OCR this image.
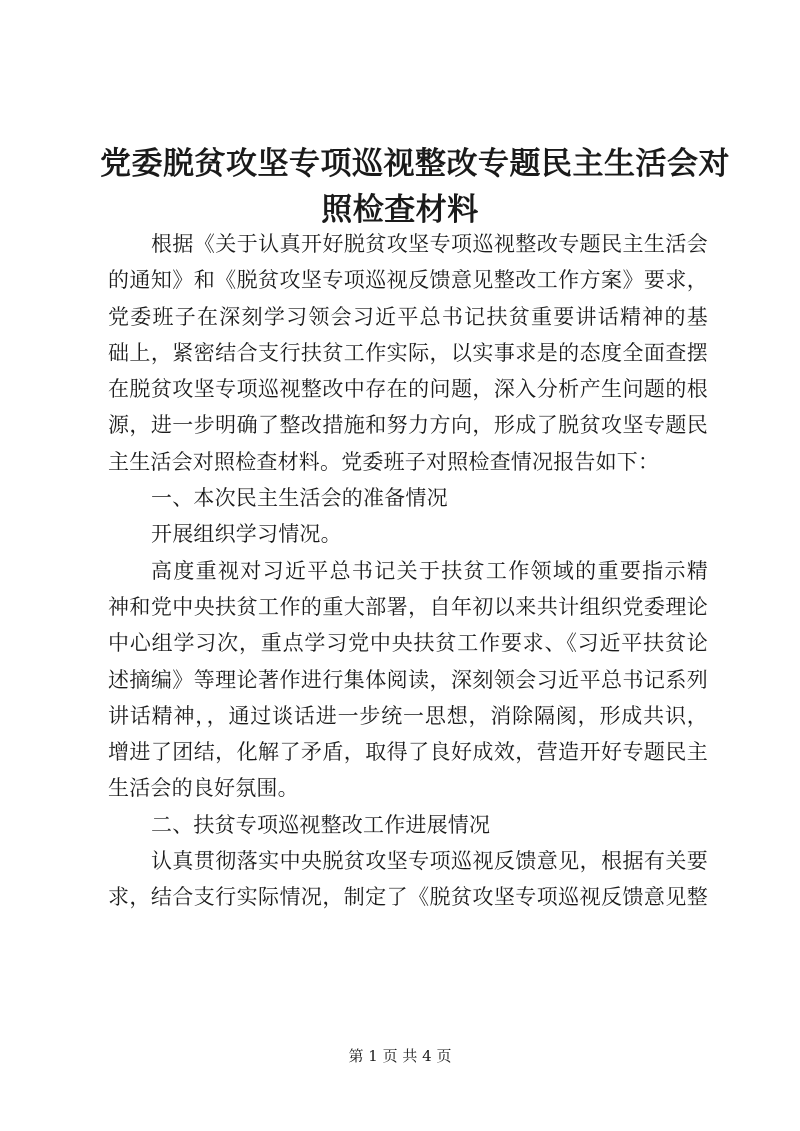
党委脱贫攻坚专项巡视整改专题民主生活会对
照检查材料
根据《关于认真开好脱贫攻坚专项巡视整改专题民主生活会
的通知》和《脱贫攻坚专项巡视反馈意见整改工作方案》要求，
党委班子在深刻学习领会习近平总书记扶贫重要讲话精神的基
础上，紧密结合支行扶贫工作实际，以实事求是的态度全面查摆
在脱贫攻坚专项巡视整改中存在的问题，深入分析产生问题的根
源，进一步明确了整改措施和努力方向，形成了脱贫攻坚专题民
主生活会对照检查材料。党委班子对照检查情况报告如下：
一、本次民主生活会的准备情况
开展组织学习情况。
高度重视对习近平总书记关于扶贫工作领域的重要指示精
神和党中央扶贫工作的重大部署，自年初以来共计组织党委理论
中心组学习次，重点学习党中央扶贫工作要求、《习近平扶贫论
述摘编》等理论著作进行集体阅读，深刻领会习近平总书记系列
讲话精神，，通过谈话进一步统一思想，消除隔阂，形成共识，
增进了团结，化解了矛盾，取得了良好成效，营造开好专题民主
生活会的良好氛围。
二、扶贫专项巡视整改工作进展情况
认真贯彻落实中央脱贫攻坚专项巡视反馈意见，根据有关要
求，结合支行实际情况，制定了《脱贫攻坚专项巡视反馈意见整
第 1 页 共 4 页
